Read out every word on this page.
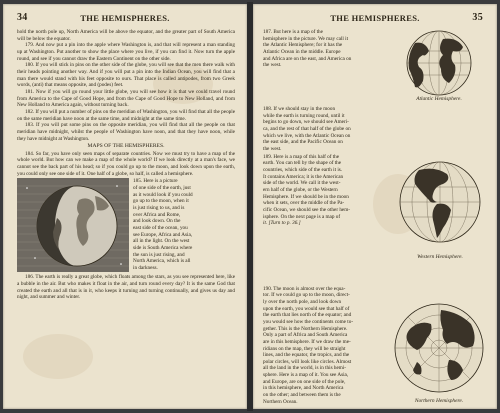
34	THE HEMISPHERES.

hold the north pole up, North America will be above the equator, and the greater part of South America will be below the equator.

179. And now put a pin into the apple where Washington is, and that will represent a man standing up at Washington. Put another to show the place where you live, if you can find it. Now turn the apple round, and see if you cannot draw the Eastern Continent on the other side.

180. If you will stick in pins on the other side of the globe, you will see that the men there walk with their heads pointing another way. And if you will put a pin into the Indian Ocean, you will find that a man there would stand with his feet opposite to ours. That place is called antipodes, from two Greek words, (anti) that means opposite, and (podes) feet.

181. Now if you will go round your little globe, you will see how it is that we could travel round from America to the Cape of Good Hope, and from the Cape of Good Hope to New Holland, and from New Holland to America again, without turning back.

182. If you will put a number of pins on the meridian of Washington, you will find that all the people on the same meridian have noon at the same time, and midnight at the same time.

183. If you will put some pins on the opposite meridian, you will find that all the people on that meridian have midnight, whilst the people of Washington have noon, and that they have noon, while they have midnight at Washington.

MAPS OF THE HEMISPHERES.

184. So far, you have only seen maps of separate countries. Now we must try to have a map of the whole world. But how can we make a map of the whole world? If we look directly at a man's face, we cannot see the back part of his head; so if you could go up to the moon, and look down upon the earth, you could only see one side of it. One half of a globe, so half, is called a hemisphere.

185. Here is a picture
of one side of the earth, just
as it would look if you could
go up to the moon, when it
is just rising to us, and is
over Africa and Rome,
and look down. On the
east side of the ocean, you
see Europe, Africa and Asia,
all in the light. On the west
side is South America where
the sun is just rising, and
North America, which is all
in darkness.

186. The earth is really a great globe, which floats among the stars, as you see represented here, like a bubble in the air. But who makes it float in the air, and turn round every day? It is the same God that created the earth and all that is in it, who keeps it turning and turning continually, and gives us day and night, and summer and winter.

THE HEMISPHERES.	35
187. But here is a map of the
hemisphere in the picture. We may call it
the Atlantic Hemisphere; for it has the
Atlantic Ocean in the middle. Europe
and Africa are on the east, and America on
the west.
Atlantic Hemisphere.
188. If we should stay in the moon
while the earth is turning round, until it
begins to go down, we should see Ameri-
ca, and the rest of that half of the globe on
which we live, with the Atlantic Ocean on
the east side, and the Pacific Ocean on
the west.
189. Here is a map of this half of the
earth. You can tell by the shape of the
countries, which side of the earth it is.
It contains America; it is the American
side of the world. We call it the west-
ern half of the globe, or the Western
Hemisphere. If we should be in the moon
when it sets, over the middle of the Pa-
cific Ocean, we should see the other hem-
isphere. On the next page is a map of
it. [Turn to p. 36.]
Western Hemisphere.
190. The moon is almost over the equa-
tor. If we could go up to the moon, direct-
ly over the north pole, and look down
upon the earth, you would see that half of
the earth that lies north of the equator; and
you would see how the continents come to-
gether. This is the Northern Hemisphere.
Only a part of Africa and South America
are in this hemisphere. If we draw the me-
ridians on the map, they will be straight
lines, and the equator, the tropics, and the
polar circles, will look like circles. Almost
all the land in the world, is in this hemi-
sphere. Here is a map of it. You see Asia,
and Europe, are on one side of the pole,
in this hemisphere, and North America
on the other; and between them is the
Northern Ocean.	Northern Hemisphere.
